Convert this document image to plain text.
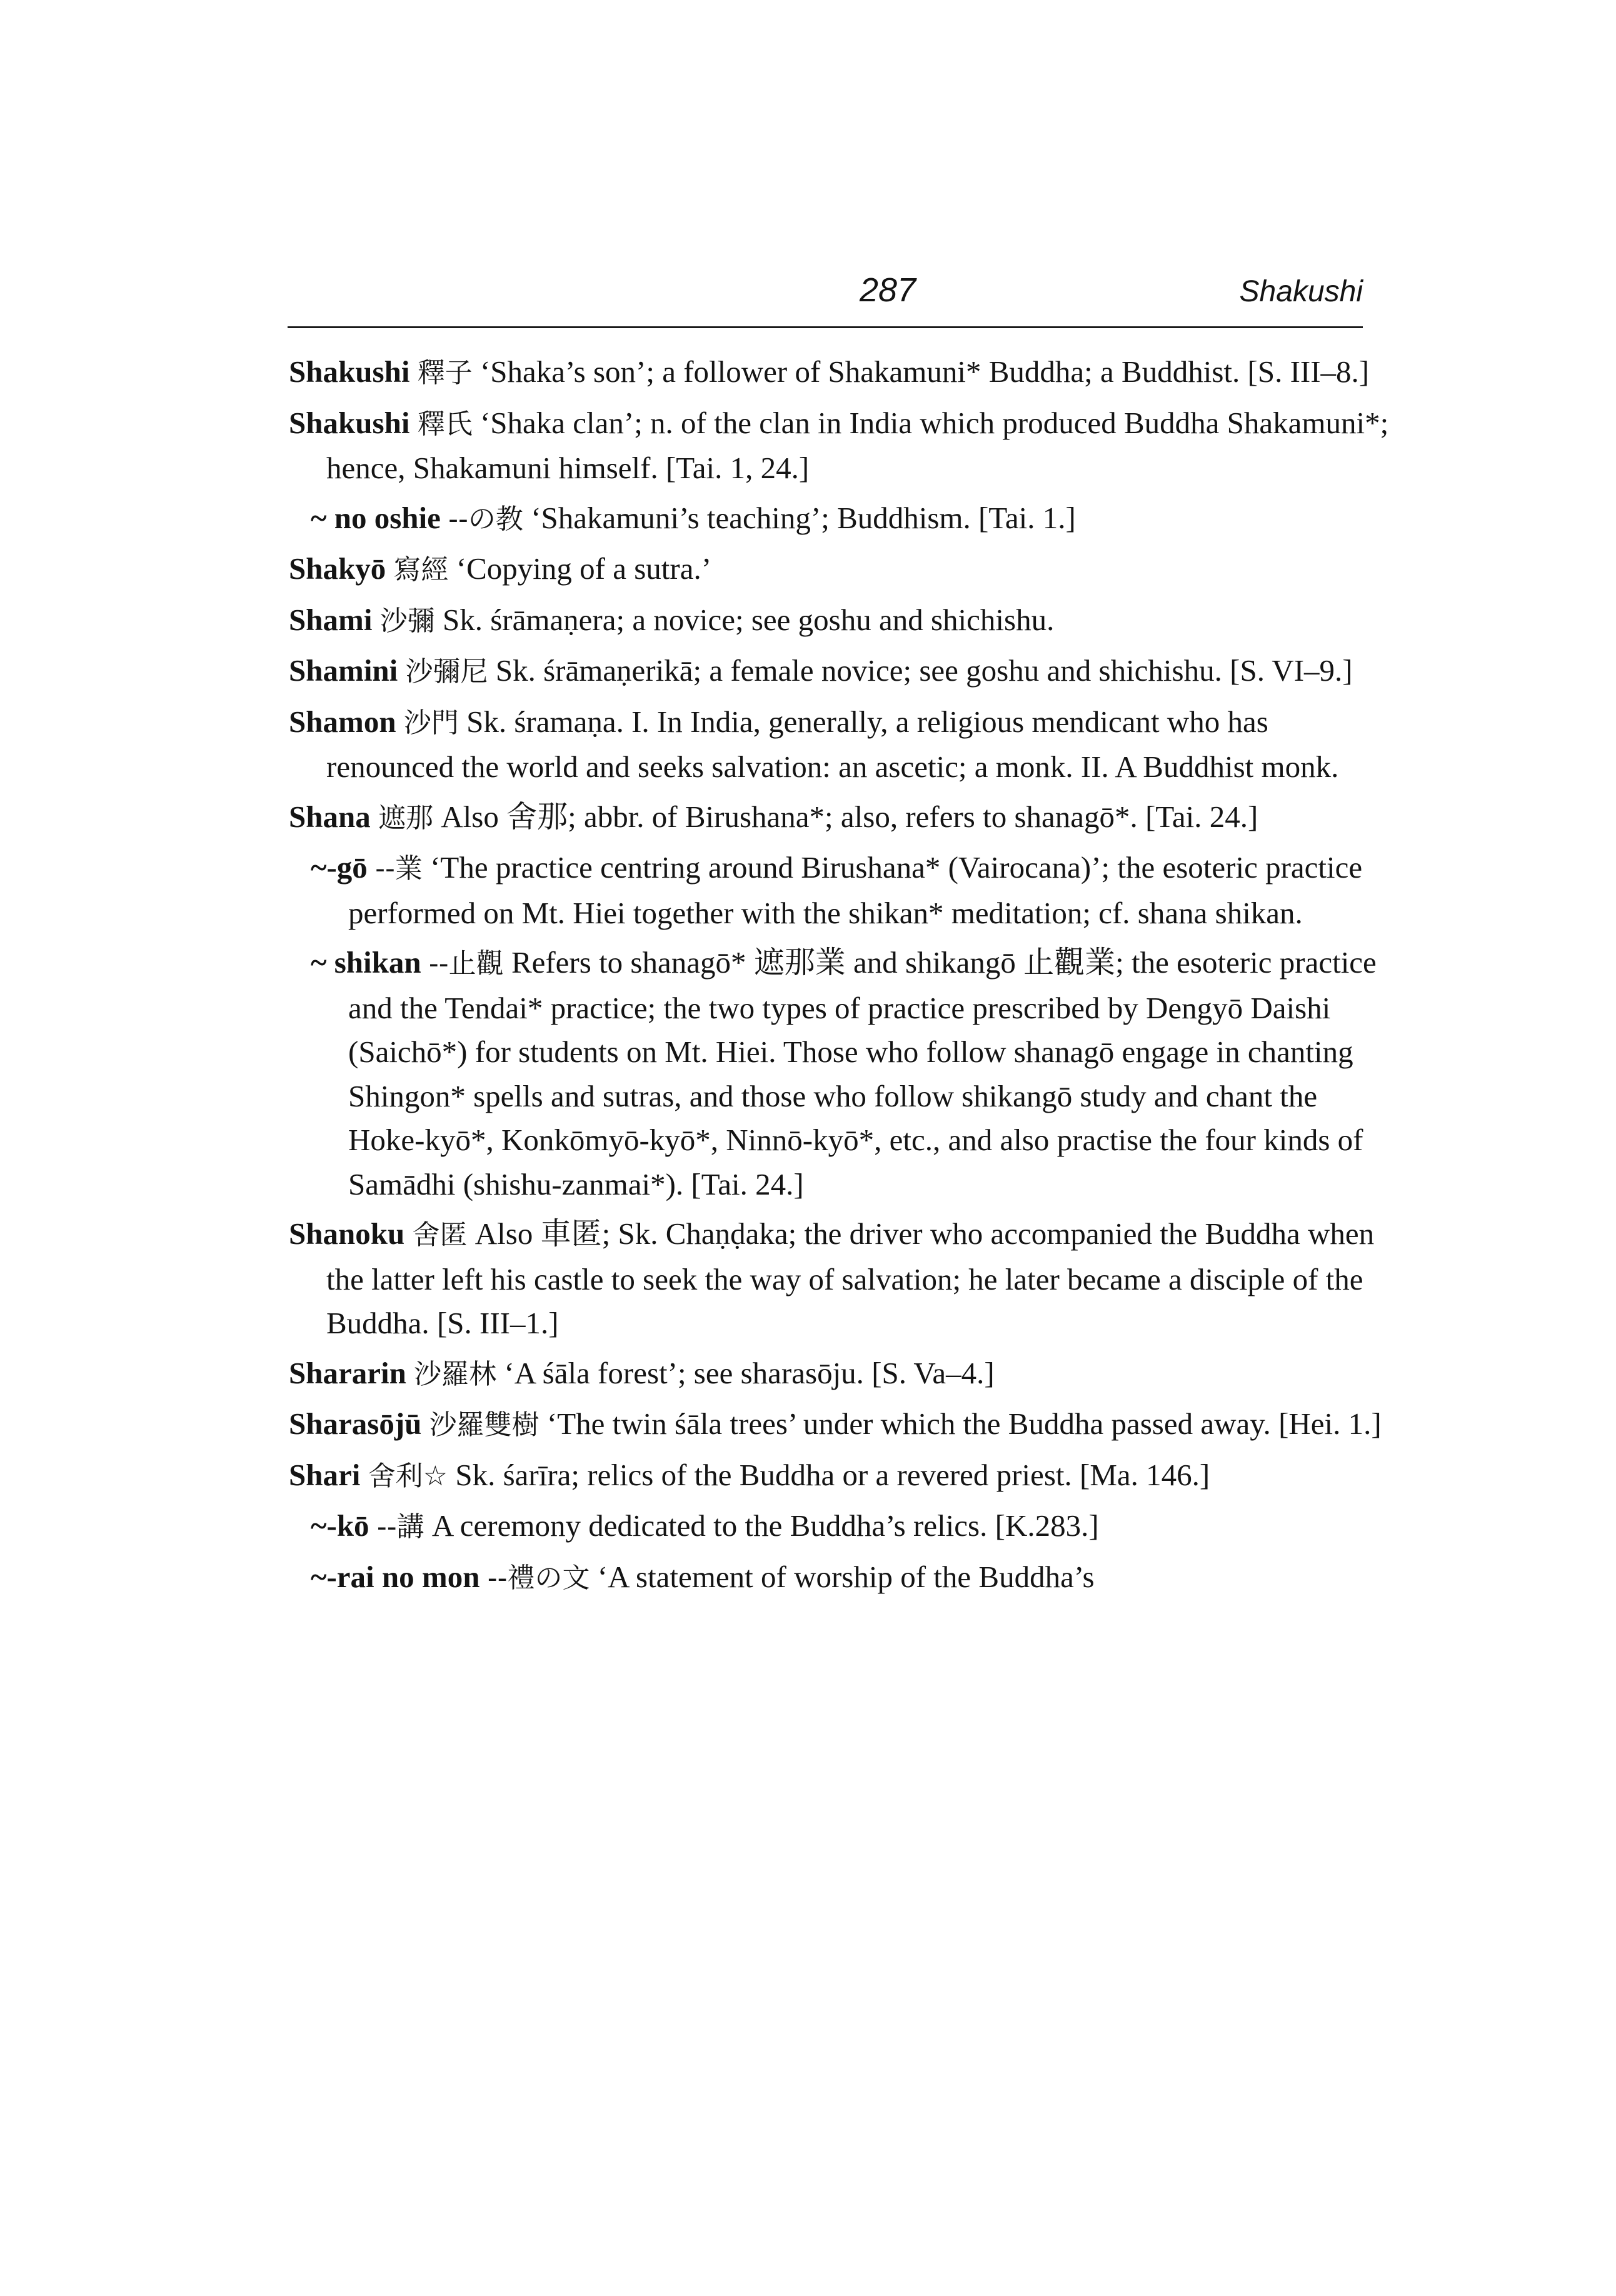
287	Shakushi

Shakushi 釋子 ‘Shaka’s son’; a follower of Shakamuni* Buddha; a Buddhist. [S. III–8.]

Shakushi 釋氏 ‘Shaka clan’; n. of the clan in India which produced Buddha Shakamuni*; hence, Shakamuni himself. [Tai. 1, 24.]

~ no oshie --の教 ‘Shakamuni’s teaching’; Buddhism. [Tai. 1.]

Shakyō 寫經 ‘Copying of a sutra.’

Shami 沙彌 Sk. śrāmaṇera; a novice; see goshu and shichishu.

Shamini 沙彌尼 Sk. śrāmaṇerikā; a female novice; see goshu and shichishu. [S. VI–9.]

Shamon 沙門 Sk. śramaṇa. I. In India, generally, a religious mendicant who has renounced the world and seeks salvation: an ascetic; a monk. II. A Buddhist monk.

Shana 遮那 Also 舍那; abbr. of Birushana*; also, refers to shanagō*. [Tai. 24.]

~-gō --業 ‘The practice centring around Birushana* (Vairocana)’; the esoteric practice performed on Mt. Hiei together with the shikan* meditation; cf. shana shikan.

~ shikan --止觀 Refers to shanagō* 遮那業 and shikangō 止觀業; the esoteric practice and the Tendai* practice; the two types of practice prescribed by Dengyō Daishi (Saichō*) for students on Mt. Hiei. Those who follow shanagō engage in chanting Shingon* spells and sutras, and those who follow shikangō study and chant the Hoke-kyō*, Konkōmyō-kyō*, Ninnō-kyō*, etc., and also practise the four kinds of Samādhi (shishu-zanmai*). [Tai. 24.]

Shanoku 舍匿 Also 車匿; Sk. Chaṇḍaka; the driver who accompanied the Buddha when the latter left his castle to seek the way of salvation; he later became a disciple of the Buddha. [S. III–1.]

Shararin 沙羅林 ‘A śāla forest’; see sharasōju. [S. Va–4.]

Sharasōjū 沙羅雙樹 ‘The twin śāla trees’ under which the Buddha passed away. [Hei. 1.]

Shari 舍利☆ Sk. śarīra; relics of the Buddha or a revered priest. [Ma. 146.]

~-kō --講 A ceremony dedicated to the Buddha’s relics. [K.283.]

~-rai no mon --禮の文 ‘A statement of worship of the Buddha’s
